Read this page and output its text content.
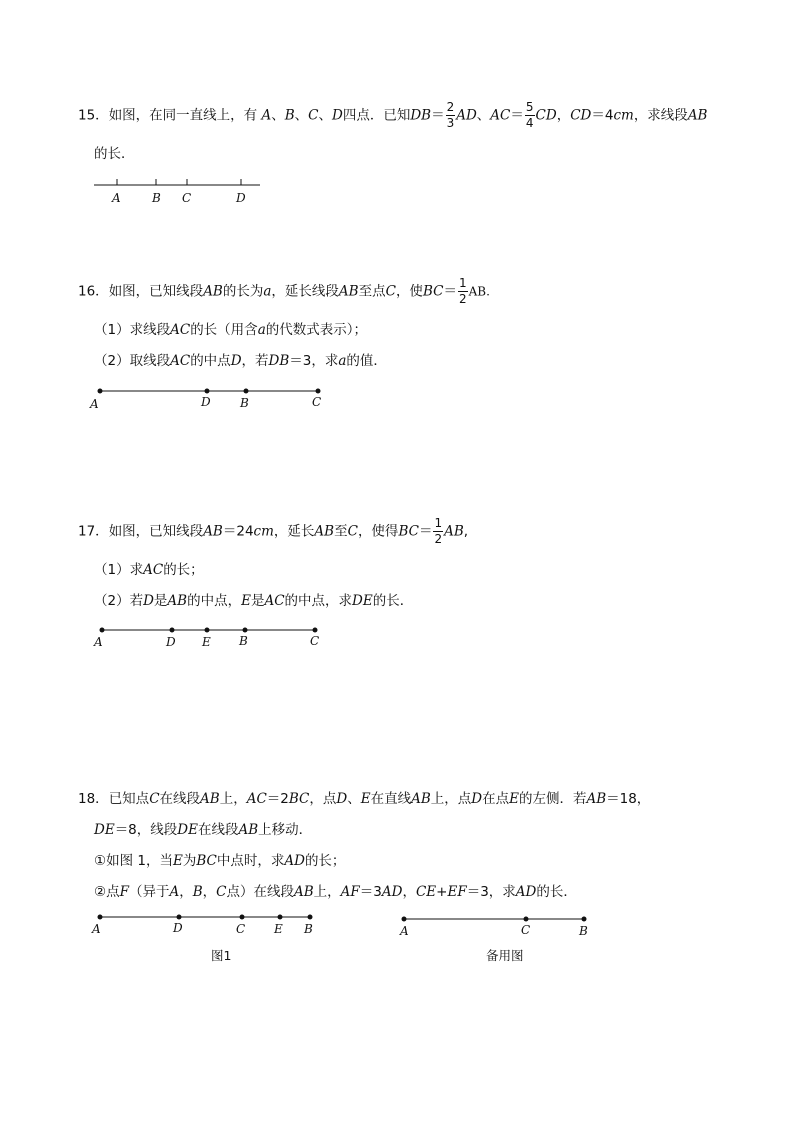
15．如图，在同一直线上，有 A、B、C、D四点．已知$DB= \frac{2}{3}$ AD、$AC= \frac{5}{4}$ CD，CD＝4cm，求线段AB
的长．
A	B C	D
16．如图，已知线段AB的长为a，延长线段AB至点C，使$BC= \frac{1}{2}$ AB.
（1）求线段AC的长（用含a的代数式表示）；
（2）取线段AC的中点D，若DB＝3，求a的值．
A	D B	C
17．如图，已知线段AB＝24cm，延长AB至C，使得$BC= \frac{1}{2}$ AB,
（1）求AC的长；
（2）若D是AB的中点，E是AC的中点，求DE的长．
A	D E B	C
18．已知点C在线段AB上，AC＝2BC，点D、E在直线AB上，点D在点E的左侧．若AB＝18，
DE＝8，线段DE在线段AB上移动．
①如图 1，当E为BC中点时，求AD的长；
②点F（异于A，B，C点）在线段AB上，AF＝3AD，CE+EF＝3，求AD的长．
A	D	C E B
图1
A	C	B
备用图
